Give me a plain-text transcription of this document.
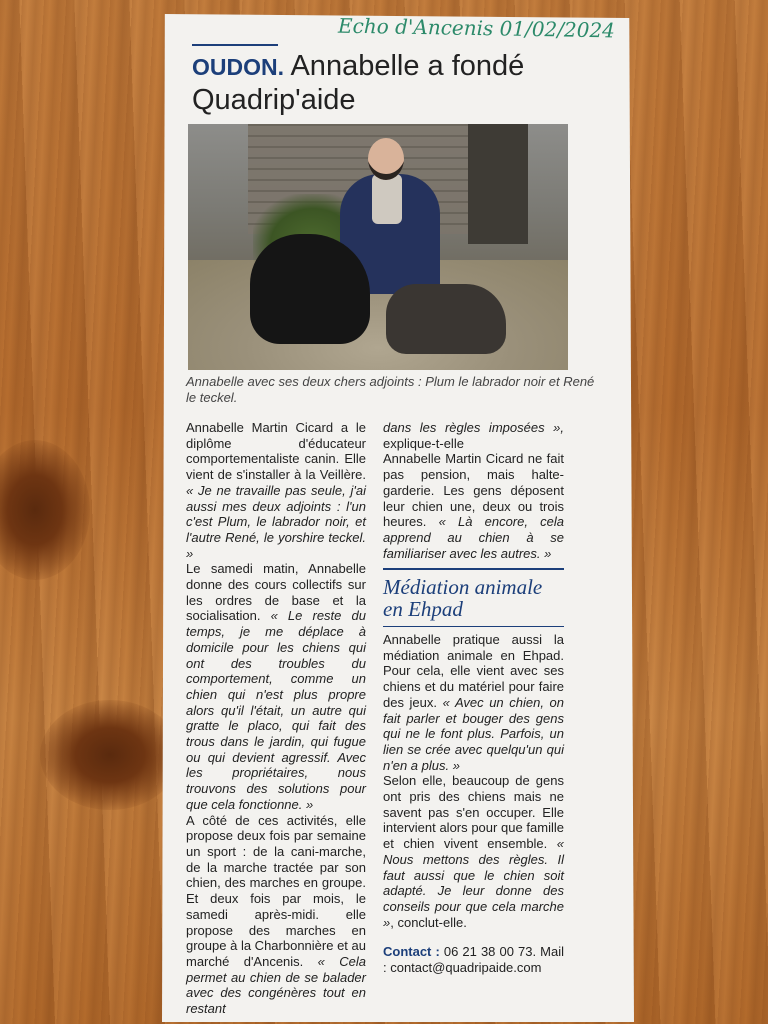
Echo d'Ancenis 01/02/2024
OUDON. Annabelle a fondé Quadrip'aide
Annabelle avec ses deux chers adjoints : Plum le labrador noir et René le teckel.

Annabelle Martin Cicard a le diplôme d'éducateur comportementaliste canin. Elle vient de s'installer à la Veillère. « Je ne travaille pas seule, j'ai aussi mes deux adjoints : l'un c'est Plum, le labrador noir, et l'autre René, le yorshire teckel. »

Le samedi matin, Annabelle donne des cours collectifs sur les ordres de base et la socialisation. « Le reste du temps, je me déplace à domicile pour les chiens qui ont des troubles du comportement, comme un chien qui n'est plus propre alors qu'il l'était, un autre qui gratte le placo, qui fait des trous dans le jardin, qui fugue ou qui devient agressif. Avec les propriétaires, nous trouvons des solutions pour que cela fonctionne. »

A côté de ces activités, elle propose deux fois par semaine un sport : de la cani-marche, de la marche tractée par son chien, des marches en groupe. Et deux fois par mois, le samedi après-midi. elle propose des marches en groupe à la Charbonnière et au marché d'Ancenis. « Cela permet au chien de se balader avec des congénères tout en restant

dans les règles imposées », explique-t-elle

Annabelle Martin Cicard ne fait pas pension, mais halte-garderie. Les gens déposent leur chien une, deux ou trois heures. « Là encore, cela apprend au chien à se familiariser avec les autres. »

Médiation animale en Ehpad

Annabelle pratique aussi la médiation animale en Ehpad. Pour cela, elle vient avec ses chiens et du matériel pour faire des jeux. « Avec un chien, on fait parler et bouger des gens qui ne le font plus. Parfois, un lien se crée avec quelqu'un qui n'en a plus. »

Selon elle, beaucoup de gens ont pris des chiens mais ne savent pas s'en occuper. Elle intervient alors pour que famille et chien vivent ensemble. « Nous mettons des règles. Il faut aussi que le chien soit adapté. Je leur donne des conseils pour que cela marche », conclut-elle.

Contact : 06 21 38 00 73. Mail : contact@quadripaide.com
